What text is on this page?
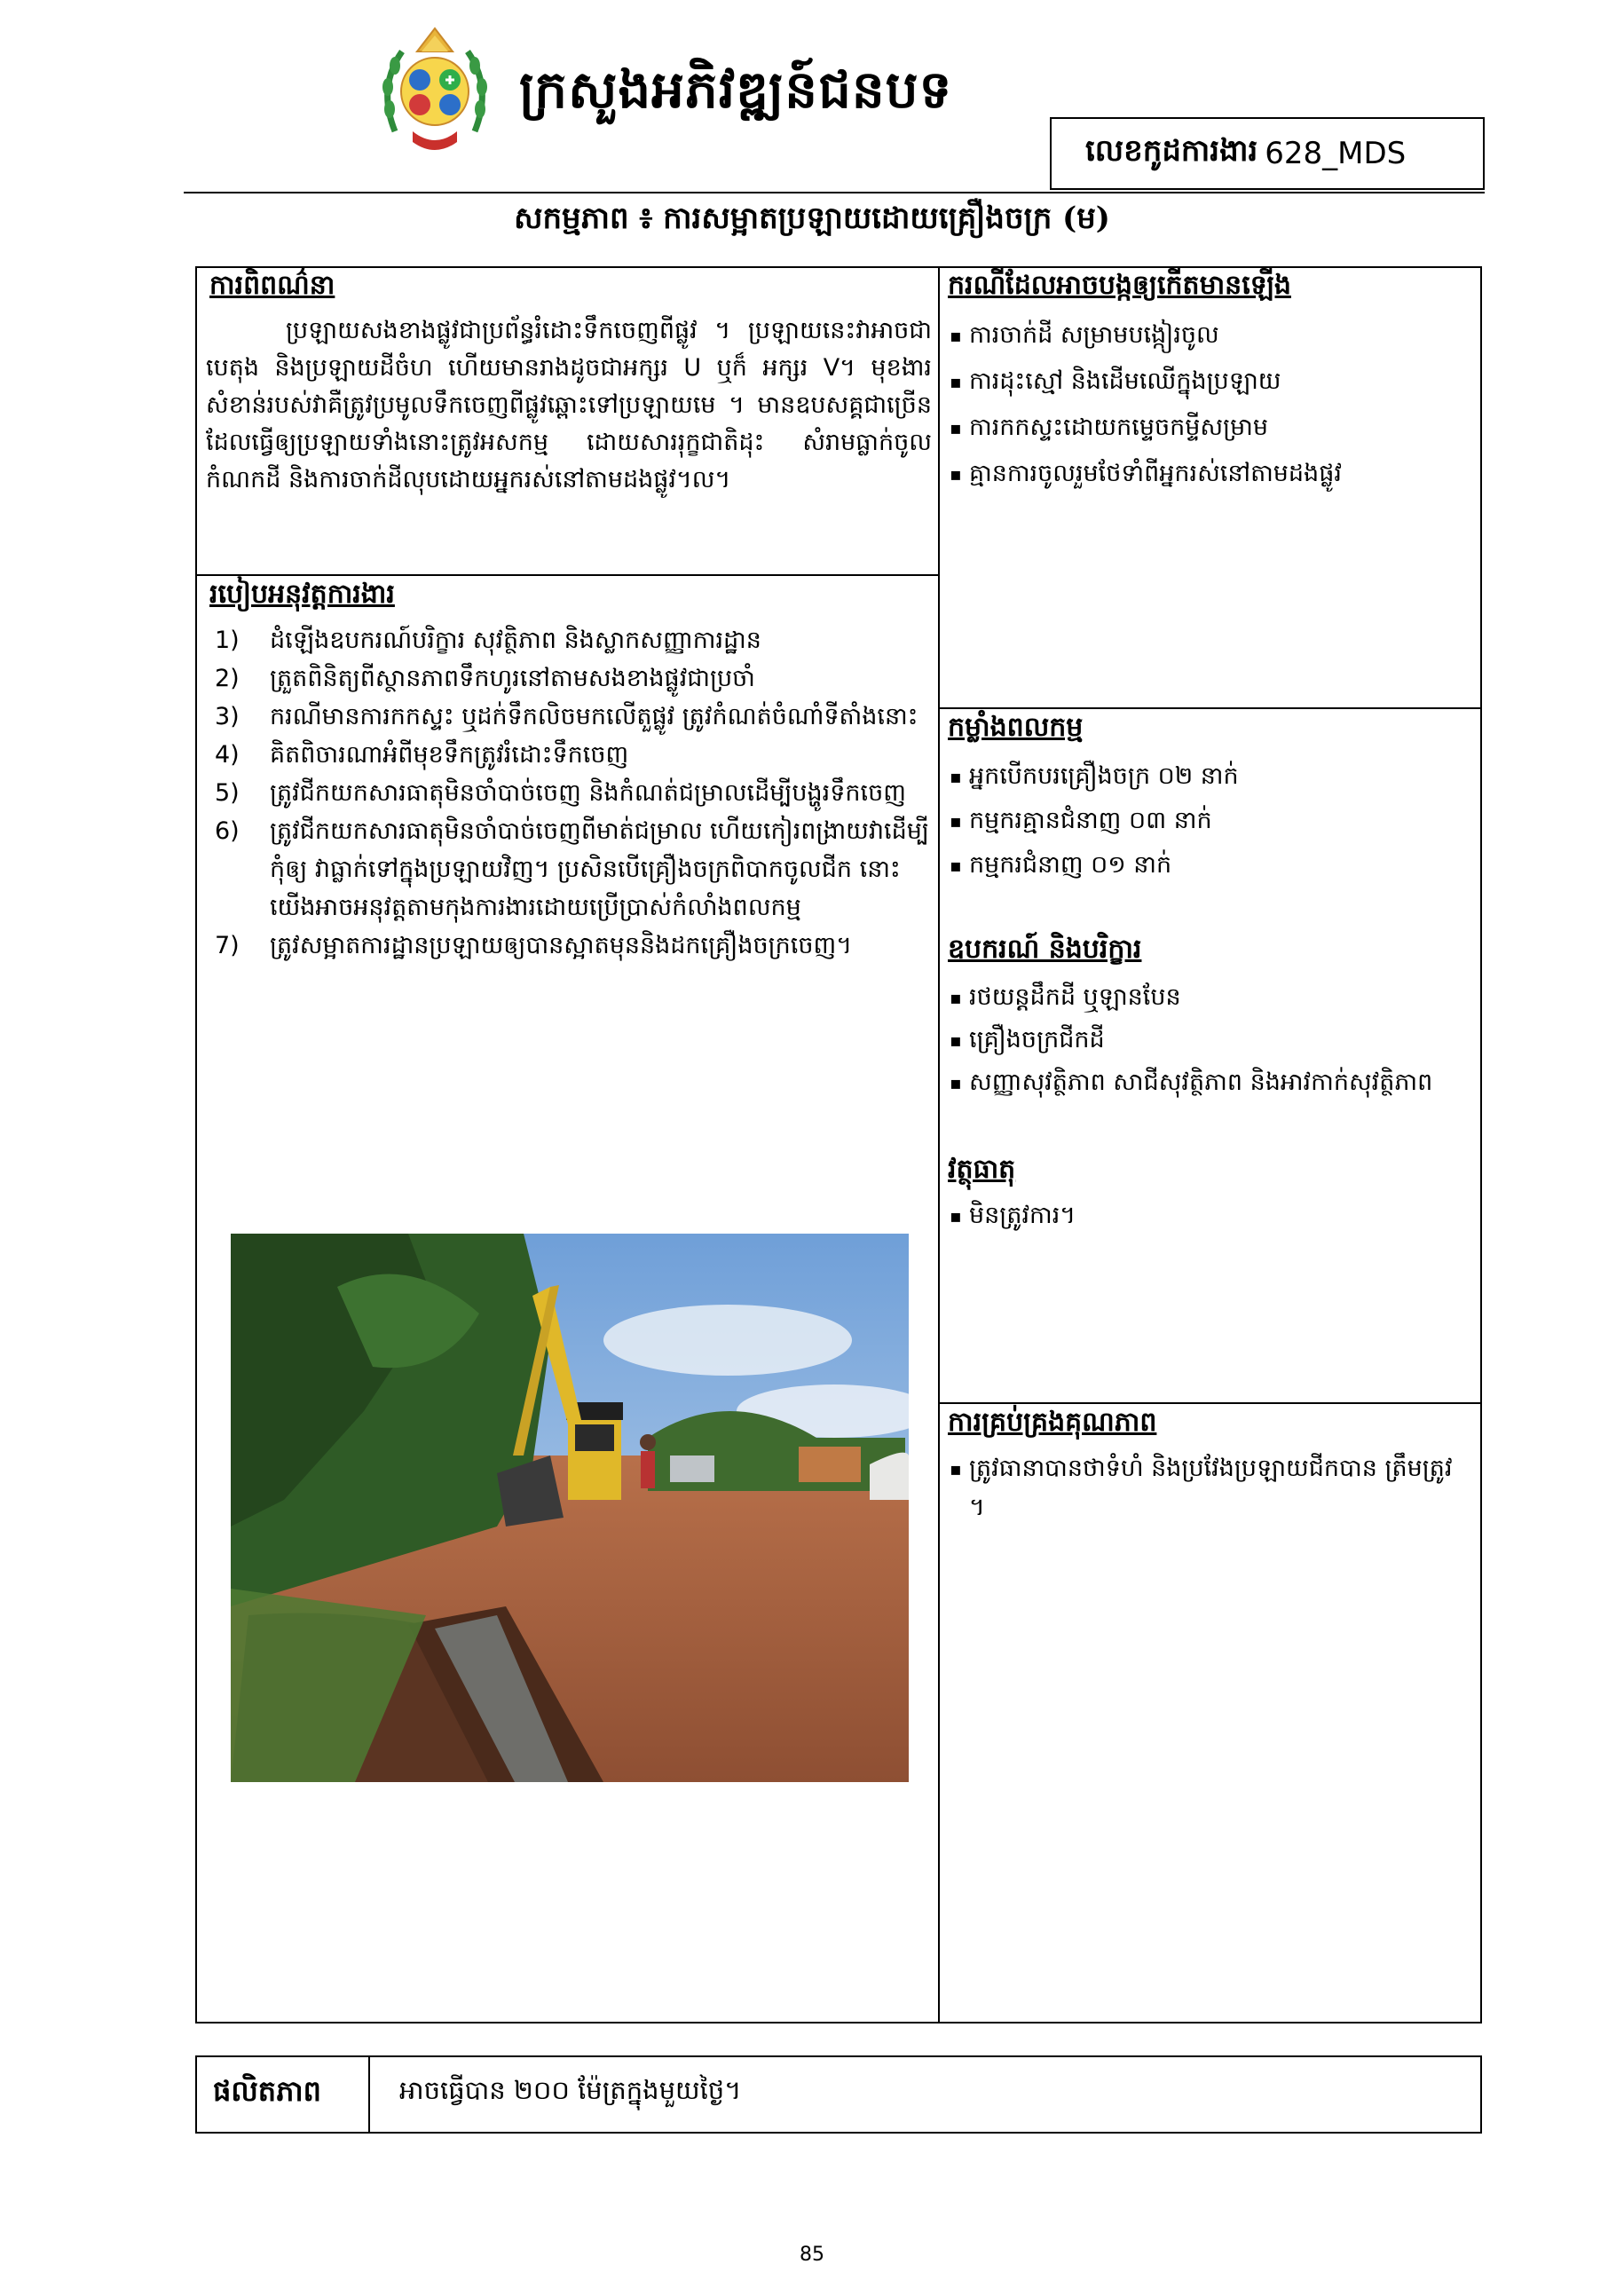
ក្រសួងអភិវឌ្ឍន៍ជនបទ
លេខកូដការងារ 628_MDS
សកម្មភាព ៖ ការសម្អាតប្រឡាយដោយគ្រឿងចក្រ (ម)
ការពិពណ៌នា
ប្រឡាយសងខាងផ្លូវជាប្រព័ន្ធរំដោះទឹកចេញពីផ្លូវ ។ ប្រឡាយនេះវាអាចជាបេតុង និងប្រឡាយដីចំហ ហើយមានរាងដូចជាអក្សរ U ឬក៏ អក្សរ V។ មុខងារសំខាន់របស់វាគឺត្រូវប្រមូលទឹកចេញពីផ្លូវឆ្ពោះទៅប្រឡាយមេ ។ មានឧបសគ្គជាច្រើនដែលធ្វើឲ្យប្រឡាយទាំងនោះត្រូវអសកម្ម ដោយសាររុក្ខជាតិដុះ សំរាមធ្លាក់ចូល កំណកដី និងការចាក់ដីលុបដោយអ្នករស់នៅតាមដងផ្លូវ។ល។
របៀបអនុវត្តការងារ
1)	ដំឡើងឧបករណ៍បរិក្ខារ សុវត្ថិភាព និងស្លាកសញ្ញាការដ្ឋាន
2)	ត្រួតពិនិត្យពីស្ថានភាពទឹកហូរនៅតាមសងខាងផ្លូវជាប្រចាំ
3)	ករណីមានការកកស្ទះ ឬដក់ទឹកលិចមកលើតួផ្លូវ ត្រូវកំណត់ចំណាំទីតាំងនោះ
4)	គិតពិចារណាអំពីមុខទឹកត្រូវរំដោះទឹកចេញ
5)	ត្រូវជីកយកសារធាតុមិនចាំបាច់ចេញ និងកំណត់ជម្រាលដើម្បីបង្ហូរទឹកចេញ
6)	ត្រូវជីកយកសារធាតុមិនចាំបាច់ចេញពីមាត់ជម្រាល ហើយកៀរពង្រាយវាដើម្បីកុំឲ្យ វាធ្លាក់ទៅក្នុងប្រឡាយវិញ។ ប្រសិនបើគ្រឿងចក្រពិបាកចូលជីក នោះយើងអាចអនុវត្តតាមកុងការងារដោយប្រើប្រាស់កំលាំងពលកម្ម
7)	ត្រូវសម្អាតការដ្ឋានប្រឡាយឲ្យបានស្អាតមុននិងដកគ្រឿងចក្រចេញ។
ករណីដែលអាចបង្កឲ្យកើតមានឡើង
▪ ការចាក់ដី សម្រាមបង្កៀរចូល
▪ ការដុះស្មៅ និងដើមឈើក្នុងប្រឡាយ
▪ ការកកស្ទះដោយកម្ទេចកម្ទីសម្រាម
▪ គ្មានការចូលរួមថែទាំពីអ្នករស់នៅតាមដងផ្លូវ
កម្លាំងពលកម្ម
▪ អ្នកបើកបរគ្រឿងចក្រ ០២ នាក់
▪ កម្មករគ្មានជំនាញ ០៣ នាក់
▪ កម្មករជំនាញ ០១ នាក់
ឧបករណ៍ និងបរិក្ខារ
▪ រថយន្តដឹកដី ឬឡានបែន
▪ គ្រឿងចក្រជីកដី
▪ សញ្ញាសុវត្ថិភាព សាជីសុវត្ថិភាព និងអាវកាក់សុវត្ថិភាព
វត្ថុធាតុ
▪ មិនត្រូវការ។
ការគ្រប់គ្រងគុណភាព
▪ ត្រូវធានាបានថាទំហំ និងប្រវែងប្រឡាយជីកបាន ត្រឹមត្រូវ ។
ផលិតភាព	អាចធ្វើបាន ២០០ ម៉ែត្រក្នុងមួយថ្ងៃ។
85
